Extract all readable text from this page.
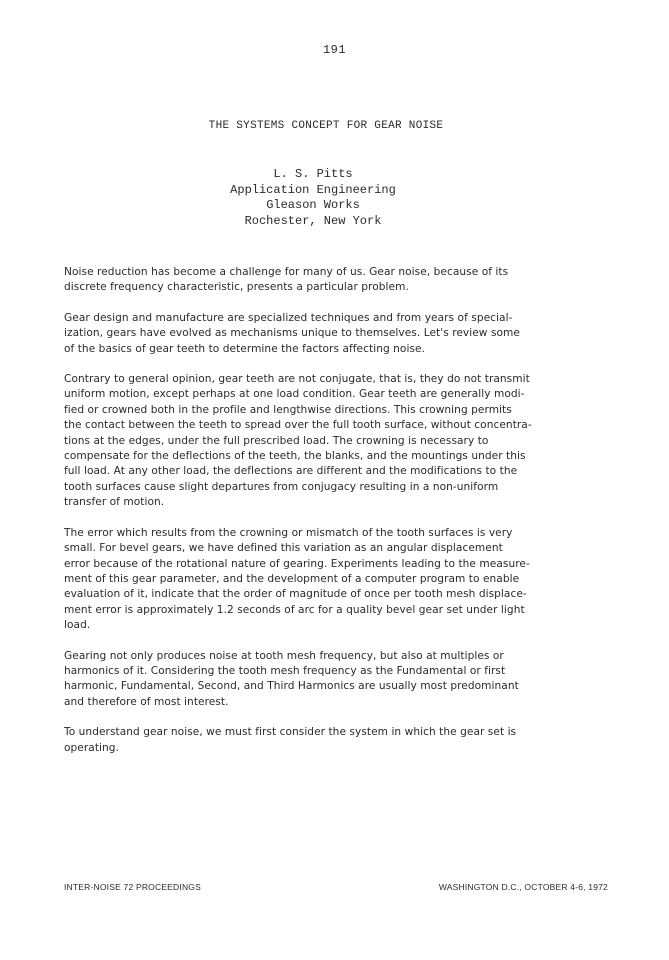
191
THE SYSTEMS CONCEPT FOR GEAR NOISE
L. S. Pitts
Application Engineering
Gleason Works
Rochester, New York
Noise reduction has become a challenge for many of us. Gear noise, because of its
discrete frequency characteristic, presents a particular problem.
Gear design and manufacture are specialized techniques and from years of special-
ization, gears have evolved as mechanisms unique to themselves. Let's review some
of the basics of gear teeth to determine the factors affecting noise.
Contrary to general opinion, gear teeth are not conjugate, that is, they do not transmit
uniform motion, except perhaps at one load condition. Gear teeth are generally modi-
fied or crowned both in the profile and lengthwise directions. This crowning permits
the contact between the teeth to spread over the full tooth surface, without concentra-
tions at the edges, under the full prescribed load. The crowning is necessary to
compensate for the deflections of the teeth, the blanks, and the mountings under this
full load. At any other load, the deflections are different and the modifications to the
tooth surfaces cause slight departures from conjugacy resulting in a non-uniform
transfer of motion.
The error which results from the crowning or mismatch of the tooth surfaces is very
small. For bevel gears, we have defined this variation as an angular displacement
error because of the rotational nature of gearing. Experiments leading to the measure-
ment of this gear parameter, and the development of a computer program to enable
evaluation of it, indicate that the order of magnitude of once per tooth mesh displace-
ment error is approximately 1.2 seconds of arc for a quality bevel gear set under light
load.
Gearing not only produces noise at tooth mesh frequency, but also at multiples or
harmonics of it. Considering the tooth mesh frequency as the Fundamental or first
harmonic, Fundamental, Second, and Third Harmonics are usually most predominant
and therefore of most interest.
To understand gear noise, we must first consider the system in which the gear set is
operating.
INTER-NOISE 72 PROCEEDINGS	WASHINGTON D.C., OCTOBER 4-6, 1972
